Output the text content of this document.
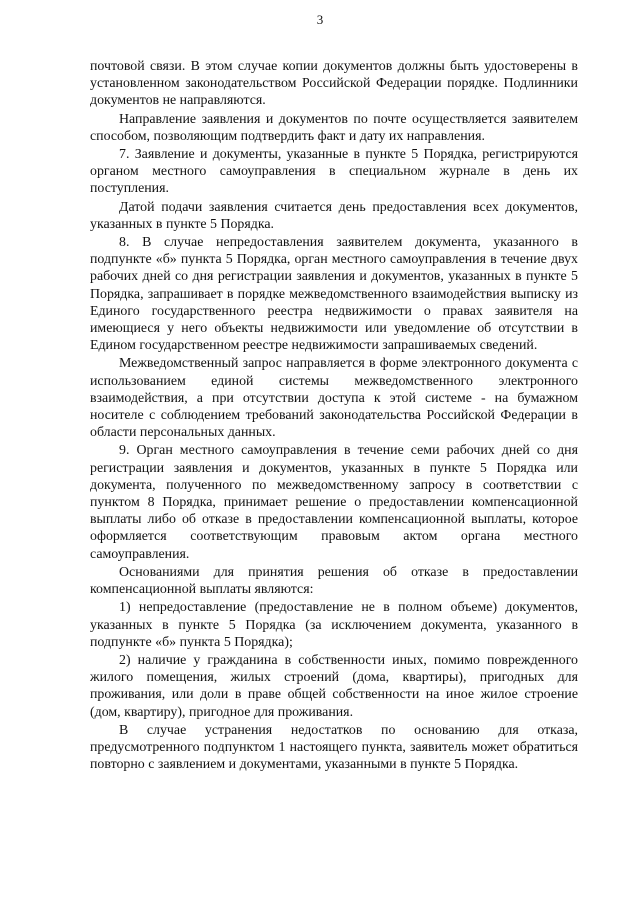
3

почтовой связи. В этом случае копии документов должны быть удостоверены в установленном законодательством Российской Федерации порядке. Подлинники документов не направляются.

Направление заявления и документов по почте осуществляется заявителем способом, позволяющим подтвердить факт и дату их направления.

7. Заявление и документы, указанные в пункте 5 Порядка, регистрируются органом местного самоуправления в специальном журнале в день их поступления.

Датой подачи заявления считается день предоставления всех документов, указанных в пункте 5 Порядка.

8. В случае непредоставления заявителем документа, указанного в подпункте «б» пункта 5 Порядка, орган местного самоуправления в течение двух рабочих дней со дня регистрации заявления и документов, указанных в пункте 5 Порядка, запрашивает в порядке межведомственного взаимодействия выписку из Единого государственного реестра недвижимости о правах заявителя на имеющиеся у него объекты недвижимости или уведомление об отсутствии в Едином государственном реестре недвижимости запрашиваемых сведений.

Межведомственный запрос направляется в форме электронного документа с использованием единой системы межведомственного электронного взаимодействия, а при отсутствии доступа к этой системе - на бумажном носителе с соблюдением требований законодательства Российской Федерации в области персональных данных.

9. Орган местного самоуправления в течение семи рабочих дней со дня регистрации заявления и документов, указанных в пункте 5 Порядка или документа, полученного по межведомственному запросу в соответствии с пунктом 8 Порядка, принимает решение о предоставлении компенсационной выплаты либо об отказе в предоставлении компенсационной выплаты, которое оформляется соответствующим правовым актом органа местного самоуправления.

Основаниями для принятия решения об отказе в предоставлении компенсационной выплаты являются:

1) непредоставление (предоставление не в полном объеме) документов, указанных в пункте 5 Порядка (за исключением документа, указанного в подпункте «б» пункта 5 Порядка);

2) наличие у гражданина в собственности иных, помимо поврежденного жилого помещения, жилых строений (дома, квартиры), пригодных для проживания, или доли в праве общей собственности на иное жилое строение (дом, квартиру), пригодное для проживания.

В случае устранения недостатков по основанию для отказа, предусмотренного подпунктом 1 настоящего пункта, заявитель может обратиться повторно с заявлением и документами, указанными в пункте 5 Порядка.
